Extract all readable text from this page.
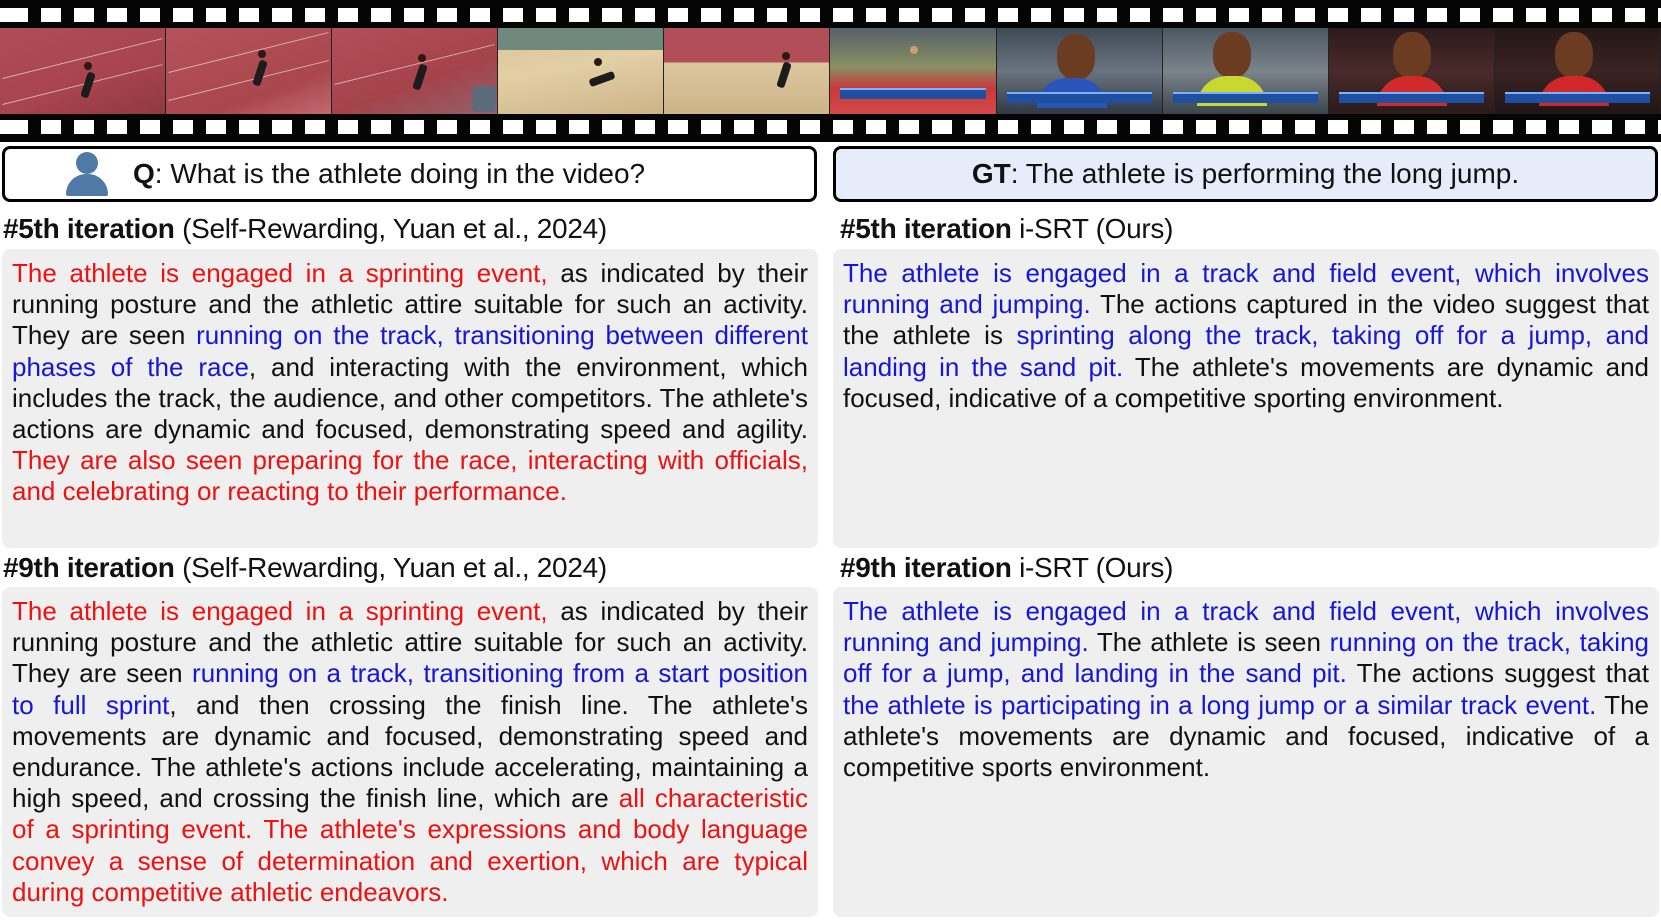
Q : What is the athlete doing in the video?	GT : The athlete is performing the long jump.
#5th iteration (Self-Rewarding, Yuan et al., 2024)	#5th iteration i-SRT (Ours)
#9th iteration (Self-Rewarding, Yuan et al., 2024)	#9th iteration i-SRT (Ours)
The athlete is engaged in a sprinting event, as indicated by their running posture and the athletic attire suitable for such an activity. They are seen running on the track, transitioning between different phases of the race, and interacting with the environment, which includes the track, the audience, and other competitors. The athlete's actions are dynamic and focused, demonstrating speed and agility. They are also seen preparing for the race, interacting with officials, and celebrating or reacting to their performance.
The athlete is engaged in a track and field event, which involves running and jumping. The actions captured in the video suggest that the athlete is sprinting along the track, taking off for a jump, and landing in the sand pit. The athlete's movements are dynamic and focused, indicative of a competitive sporting environment.
The athlete is engaged in a sprinting event, as indicated by their running posture and the athletic attire suitable for such an activity. They are seen running on a track, transitioning from a start position to full sprint, and then crossing the finish line. The athlete's movements are dynamic and focused, demonstrating speed and endurance. The athlete's actions include accelerating, maintaining a high speed, and crossing the finish line, which are all characteristic of a sprinting event. The athlete's expressions and body language convey a sense of determination and exertion, which are typical during competitive athletic endeavors.
The athlete is engaged in a track and field event, which involves running and jumping. The athlete is seen running on the track, taking off for a jump, and landing in the sand pit. The actions suggest that the athlete is participating in a long jump or a similar track event. The athlete's movements are dynamic and focused, indicative of a competitive sports environment.
